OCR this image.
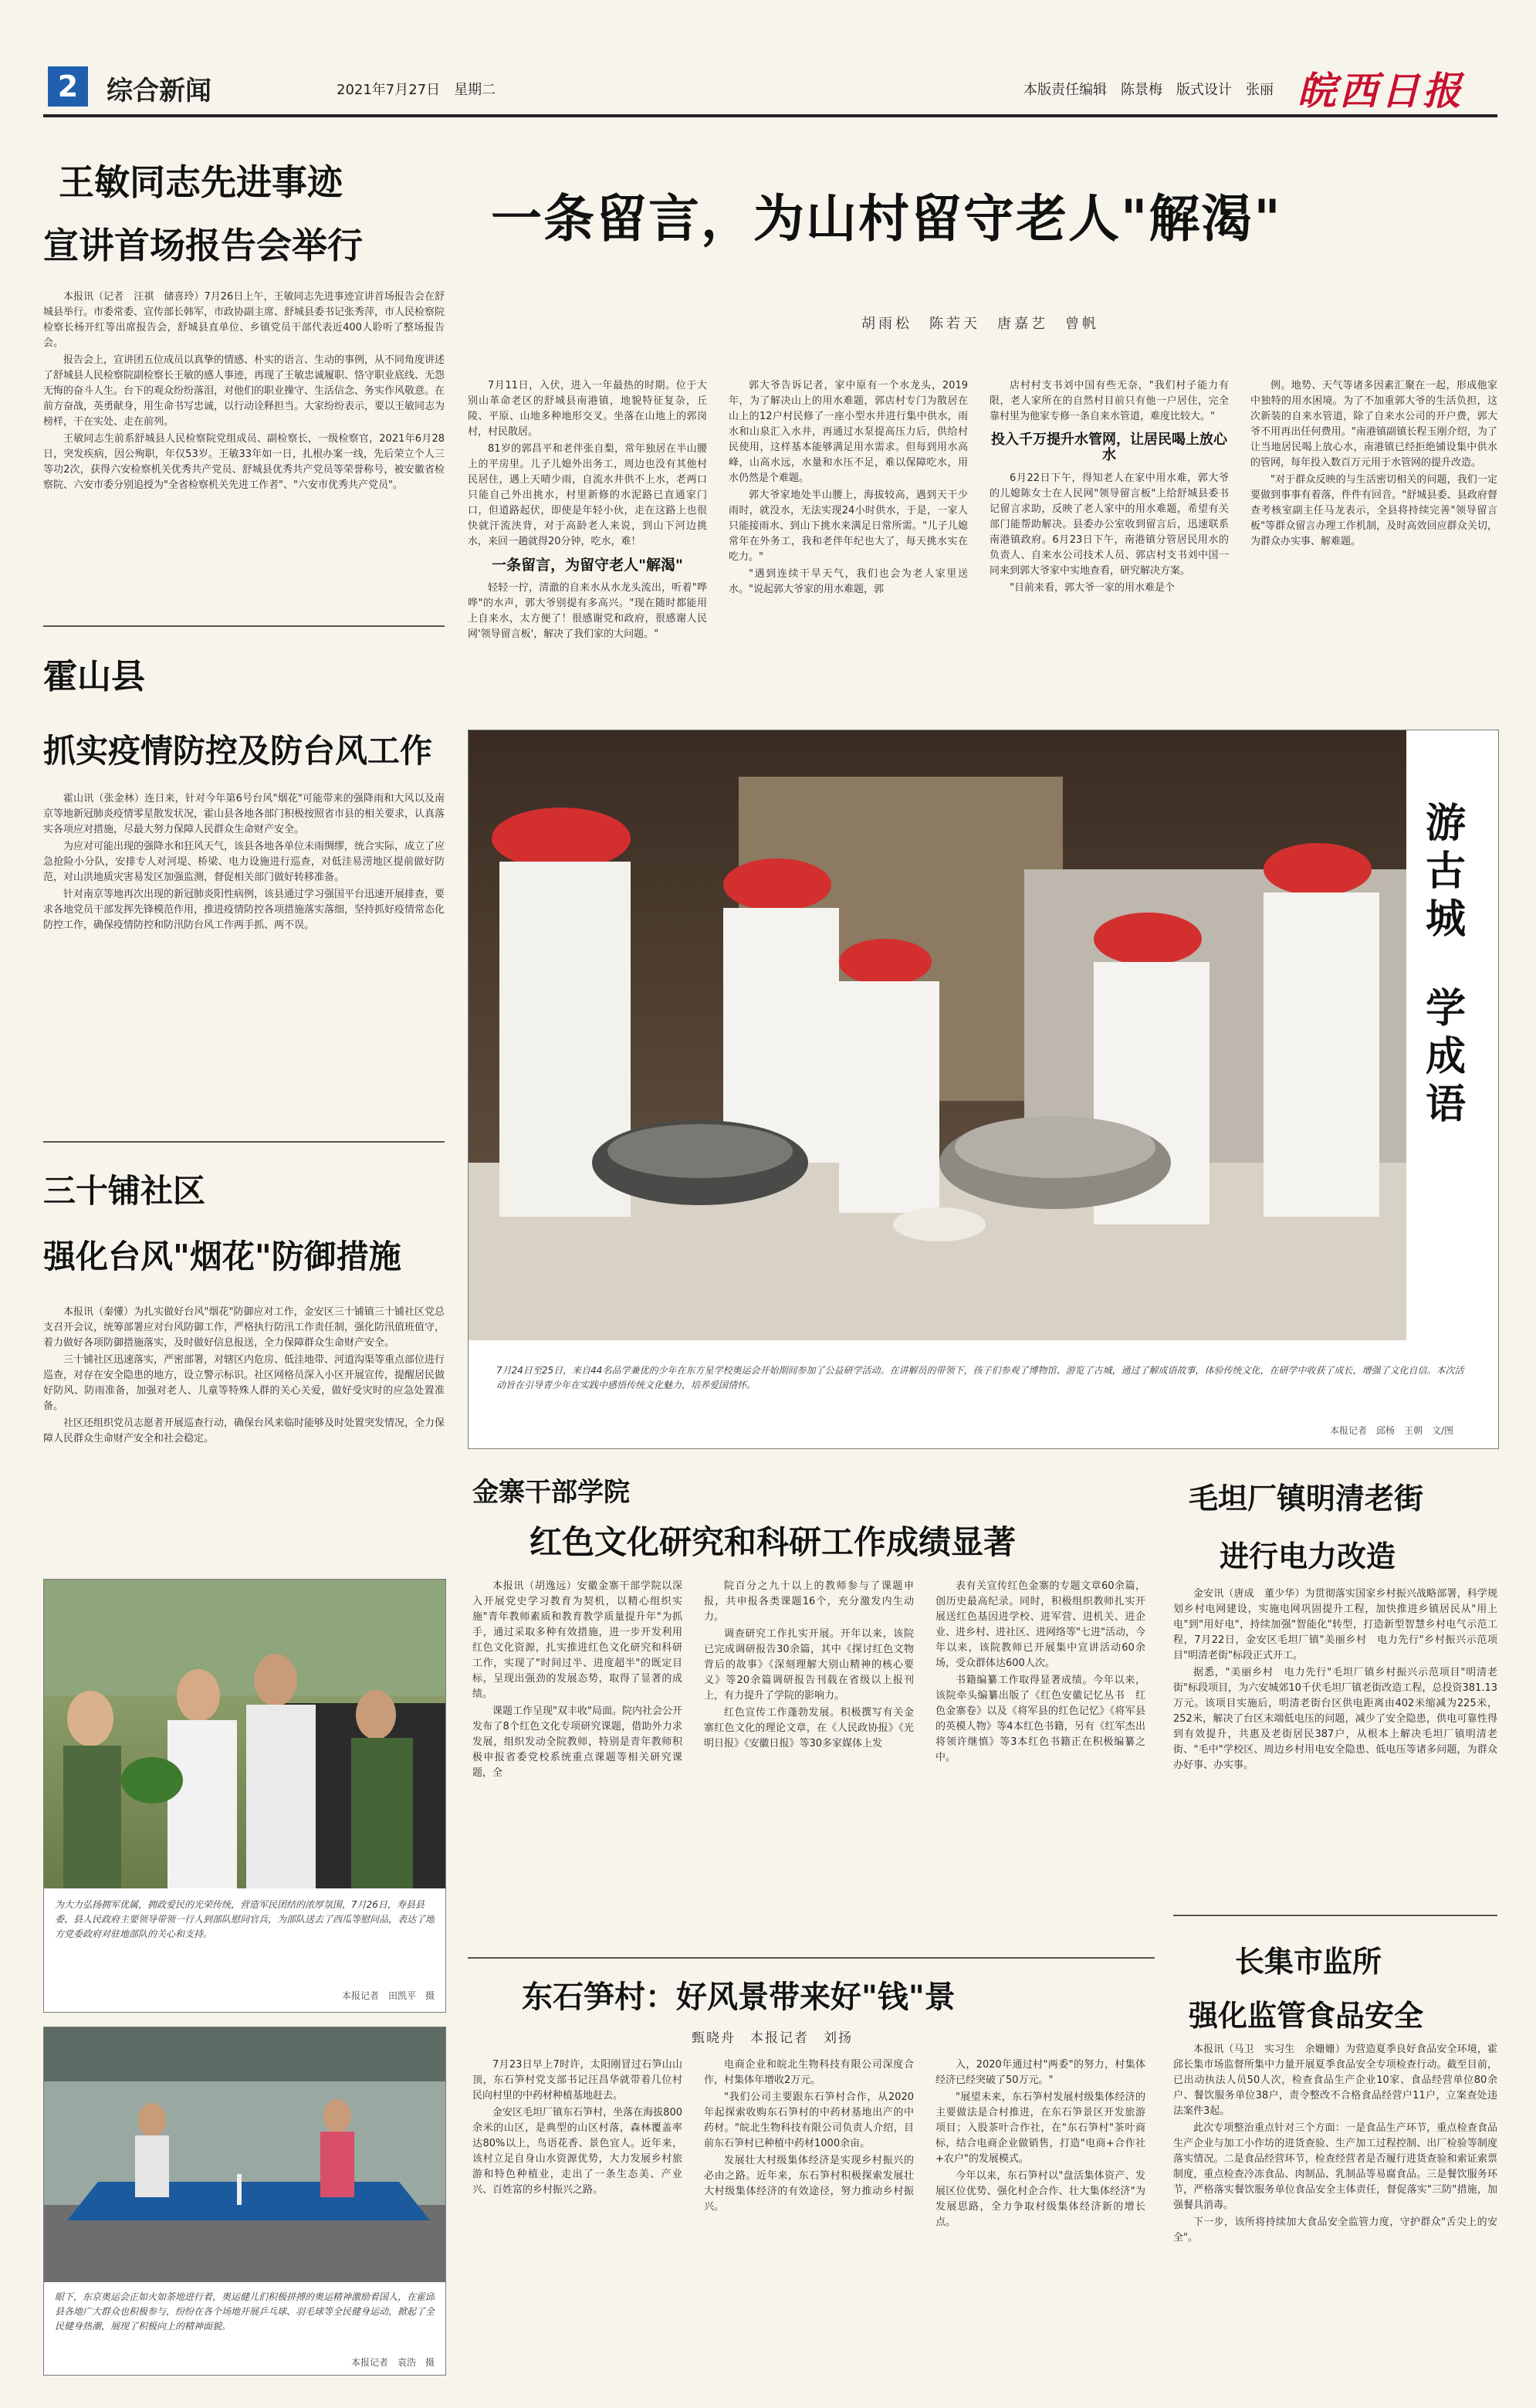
2	综合新闻	2021年7月27日　星期二	本版责任编辑　陈景梅　版式设计　张丽 皖西日报
王敏同志先进事迹
宣讲首场报告会举行

本报讯（记者　汪祺　储喜玲）7月26日上午，王敏同志先进事迹宣讲首场报告会在舒城县举行。市委常委、宣传部长韩军，市政协副主席、舒城县委书记张秀萍，市人民检察院检察长杨开红等出席报告会，舒城县直单位、乡镇党员干部代表近400人聆听了整场报告会。

报告会上，宣讲团五位成员以真挚的情感、朴实的语言、生动的事例，从不同角度讲述了舒城县人民检察院副检察长王敏的感人事迹，再现了王敏忠诚履职、恪守职业底线、无怨无悔的奋斗人生。台下的观众纷纷落泪，对他们的职业操守、生活信念、务实作风敬意。在前方奋战，英勇献身，用生命书写忠诚，以行动诠释担当。大家纷纷表示，要以王敏同志为榜样，干在实处、走在前列。

王敏同志生前系舒城县人民检察院党组成员、副检察长，一级检察官，2021年6月28日，突发疾病，因公殉职，年仅53岁。王敏33年如一日，扎根办案一线，先后荣立个人三等功2次，获得六安检察机关优秀共产党员、舒城县优秀共产党员等荣誉称号，被安徽省检察院、六安市委分别追授为"全省检察机关先进工作者"、"六安市优秀共产党员"。

霍山县
抓实疫情防控及防台风工作

霍山讯（张金林）连日来，针对今年第6号台风"烟花"可能带来的强降雨和大风以及南京等地新冠肺炎疫情零星散发状况，霍山县各地各部门积极按照省市县的相关要求，认真落实各项应对措施，尽最大努力保障人民群众生命财产安全。

为应对可能出现的强降水和狂风天气，该县各地各单位未雨绸缪，统合实际，成立了应急抢险小分队，安排专人对河堤、桥梁、电力设施进行巡查，对低洼易涝地区提前做好防范，对山洪地质灾害易发区加强监测，督促相关部门做好转移准备。

针对南京等地再次出现的新冠肺炎阳性病例，该县通过学习强国平台迅速开展排查，要求各地党员干部发挥先锋模范作用，推进疫情防控各项措施落实落细，坚持抓好疫情常态化防控工作，确保疫情防控和防汛防台风工作两手抓、两不误。

三十铺社区
强化台风"烟花"防御措施

本报讯（秦懂）为扎实做好台风"烟花"防御应对工作，金安区三十铺镇三十铺社区党总支召开会议，统筹部署应对台风防御工作，严格执行防汛工作责任制，强化防汛值班值守，着力做好各项防御措施落实，及时做好信息报送，全力保障群众生命财产安全。

三十铺社区迅速落实，严密部署，对辖区内危房、低洼地带、河道沟渠等重点部位进行巡查，对存在安全隐患的地方，设立警示标识。社区网格员深入小区开展宣传，提醒居民做好防风、防雨准备，加强对老人、儿童等特殊人群的关心关爱，做好受灾时的应急处置准备。

社区还组织党员志愿者开展巡查行动，确保台风来临时能够及时处置突发情况，全力保障人民群众生命财产安全和社会稳定。

为大力弘扬拥军优属，拥政爱民的光荣传统，营造军民团结的浓厚氛围，7月26日，寿县县委、县人民政府主要领导带领一行人到部队慰问官兵，为部队送去了西瓜等慰问品，表达了地方党委政府对驻地部队的关心和支持。
本报记者　田凯平　摄
眼下，东京奥运会正如火如荼地进行着，奥运健儿们积极拼搏的奥运精神激励着国人，在霍邱县各地广大群众也积极参与，纷纷在各个场地开展乒乓球、羽毛球等全民健身运动，掀起了全民健身热潮，展现了积极向上的精神面貌。
本报记者　袁浩　摄
一条留言，为山村留守老人"解渴"
胡雨松　陈若天　唐嘉艺　曾帆

7月11日，入伏，进入一年最热的时期。位于大别山革命老区的舒城县南港镇，地貌特征复杂，丘陵、平原、山地多种地形交叉。坐落在山地上的郭岗村，村民散居。

81岁的郭昌平和老伴张自梨，常年独居在半山腰上的平房里。儿子儿媳外出务工，周边也没有其他村民居住，遇上天晴少雨，自流水井供不上水，老两口只能自己外出挑水，村里新修的水泥路已直通家门口，但道路起伏，即使是年轻小伙，走在这路上也很快就汗流浃背，对于高龄老人来说，到山下河边挑水，来回一趟就得20分钟，吃水，难！

一条留言，为留守老人"解渴"

轻轻一拧，清澈的自来水从水龙头流出，听着"哗哗"的水声，郭大爷别提有多高兴。"现在随时都能用上自来水，太方便了！很感谢党和政府，很感谢人民网'领导留言板'，解决了我们家的大问题。"

郭大爷告诉记者，家中原有一个水龙头，2019年，为了解决山上的用水难题，郭店村专门为散居在山上的12户村民修了一座小型水井进行集中供水，雨水和山泉汇入水井，再通过水泵提高压力后，供给村民使用，这样基本能够满足用水需求。但每到用水高峰，山高水远，水量和水压不足，难以保障吃水，用水仍然是个难题。

郭大爷家地处半山腰上，海拔较高，遇到天干少雨时，就没水，无法实现24小时供水，于是，一家人只能接雨水、到山下挑水来满足日常所需。"儿子儿媳常年在外务工，我和老伴年纪也大了，每天挑水实在吃力。"

"遇到连续干旱天气，我们也会为老人家里送水。"说起郭大爷家的用水难题，郭

店村村支书刘中国有些无奈，"我们村子能力有限，老人家所在的自然村目前只有他一户居住，完全靠村里为他家专修一条自来水管道，难度比较大。"

投入千万提升水管网，让居民喝上放心水

6月22日下午，得知老人在家中用水难，郭大爷的儿媳陈女士在人民网"领导留言板"上给舒城县委书记留言求助，反映了老人家中的用水难题，希望有关部门能帮助解决。县委办公室收到留言后，迅速联系南港镇政府。6月23日下午，南港镇分管居民用水的负责人、自来水公司技术人员、郭店村支书刘中国一同来到郭大爷家中实地查看，研究解决方案。

"目前来看，郭大爷一家的用水难是个

例。地势、天气等诸多因素汇聚在一起，形成他家中独特的用水困境。为了不加重郭大爷的生活负担，这次新装的自来水管道，除了自来水公司的开户费，郭大爷不用再出任何费用。"南港镇副镇长程玉刚介绍，为了让当地居民喝上放心水，南港镇已经拒绝铺设集中供水的管网，每年投入数百万元用于水管网的提升改造。

"对于群众反映的与生活密切相关的问题，我们一定要做到事事有着落，件件有回音。"舒城县委、县政府督查考核室副主任马龙表示，全县将持续完善"领导留言板"等群众留言办理工作机制，及时高效回应群众关切，为群众办实事、解难题。

游古城
学成语
7月24日至25日，来自44名品学兼优的少年在东方星学校奥运会开始期间参加了公益研学活动。在讲解员的带领下，孩子们参观了博物馆、游览了古城，通过了解成语故事，体验传统文化，在研学中收获了成长，增强了文化自信。本次活动旨在引导青少年在实践中感悟传统文化魅力，培养爱国情怀。
本报记者　邱杨　王朝　文/图
金寨干部学院
红色文化研究和科研工作成绩显著

本报讯（胡逸远）安徽金寨干部学院以深入开展党史学习教育为契机，以精心组织实施"青年教师素质和教育教学质量提升年"为抓手，通过采取多种有效措施，进一步开发利用红色文化资源，扎实推进红色文化研究和科研工作，实现了"时间过半、进度超半"的既定目标，呈现出强劲的发展态势，取得了显著的成绩。

课题工作呈现"双丰收"局面。院内社会公开发布了8个红色文化专项研究课题，借助外力求发展，组织发动全院教师，特别是青年教师积极申报省委党校系统重点课题等相关研究课题，全

院百分之九十以上的教师参与了课题申报，共申报各类课题16个，充分激发内生动力。

调查研究工作扎实开展。开年以来，该院已完成调研报告30余篇，其中《探讨红色文物背后的故事》《深刻理解大别山精神的核心要义》等20余篇调研报告刊载在省级以上报刊上，有力提升了学院的影响力。

红色宣传工作蓬勃发展。积极撰写有关金寨红色文化的理论文章，在《人民政协报》《光明日报》《安徽日报》等30多家媒体上发

表有关宣传红色金寨的专题文章60余篇，创历史最高纪录。同时，积极组织教师扎实开展送红色基因进学校、进军营、进机关、进企业、进乡村、进社区、进网络等"七进"活动，今年以来，该院教师已开展集中宣讲活动60余场，受众群体达600人次。

书籍编纂工作取得显著成绩。今年以来，该院牵头编纂出版了《红色安徽记忆丛书　红色金寨卷》以及《将军县的红色记忆》《将军县的英模人物》等4本红色书籍，另有《红军杰出将领许继慎》等3本红色书籍正在积极编纂之中。

毛坦厂镇明清老街
进行电力改造

金安讯（唐成　董少华）为贯彻落实国家乡村振兴战略部署，科学规划乡村电网建设，实施电网巩固提升工程，加快推进乡镇居民从"用上电"到"用好电"，持续加强"智能化"转型，打造新型智慧乡村电气示范工程，7月22日，金安区毛坦厂镇"美丽乡村　电力先行"乡村振兴示范项目"明清老街"标段正式开工。

据悉，"美丽乡村　电力先行"毛坦厂镇乡村振兴示范项目"明清老街"标段项目，为六安城郊10千伏毛坦厂镇老街改造工程，总投资381.13万元。该项目实施后，明清老街台区供电距离由402米缩减为225米，252米，解决了台区末端低电压的问题，减少了安全隐患，供电可靠性得到有效提升，共惠及老街居民387户，从根本上解决毛坦厂镇明清老街、"毛中"学校区、周边乡村用电安全隐患、低电压等诸多问题，为群众办好事、办实事。

东石笋村：好风景带来好"钱"景
甄晓舟　本报记者　刘扬

7月23日早上7时许，太阳刚冒过石笋山山顶，东石笋村党支部书记汪昌华就带着几位村民向村里的中药材种植基地赶去。

金安区毛坦厂镇东石笋村，坐落在海拔800余米的山区，是典型的山区村落，森林覆盖率达80%以上，鸟语花香、景色宜人。近年来，该村立足自身山水资源优势，大力发展乡村旅游和特色种植业，走出了一条生态美、产业兴、百姓富的乡村振兴之路。

电商企业和皖北生物科技有限公司深度合作，村集体年增收2万元。

"我们公司主要跟东石笋村合作，从2020年起探索收购东石笋村的中药材基地出产的中药材。"皖北生物科技有限公司负责人介绍，目前东石笋村已种植中药材1000余亩。

发展壮大村级集体经济是实现乡村振兴的必由之路。近年来，东石笋村积极探索发展壮大村级集体经济的有效途径，努力推动乡村振兴。

入，2020年通过村"两委"的努力，村集体经济已经突破了50万元。"

"展望未来，东石笋村发展村级集体经济的主要做法是合村推进，在东石笋景区开发旅游项目；入股茶叶合作社，在"东石笋村"茶叶商标，结合电商企业做销售，打造"电商+合作社+农户"的发展模式。

今年以来，东石笋村以"盘活集体资产、发展区位优势、强化村企合作、壮大集体经济"为发展思路，全力争取村级集体经济新的增长点。

长集市监所
强化监管食品安全

本报讯（马卫　实习生　余姗姗）为营造夏季良好食品安全环境，霍邱长集市场监督所集中力量开展夏季食品安全专项检查行动。截至目前，已出动执法人员50人次，检查食品生产企业10家、食品经营单位80余户、餐饮服务单位38户，责令整改不合格食品经营户11户，立案查处违法案件3起。

此次专项整治重点针对三个方面：一是食品生产环节，重点检查食品生产企业与加工小作坊的进货查验、生产加工过程控制、出厂检验等制度落实情况。二是食品经营环节，检查经营者是否履行进货查验和索证索票制度，重点检查冷冻食品、肉制品、乳制品等易腐食品。三是餐饮服务环节，严格落实餐饮服务单位食品安全主体责任，督促落实"三防"措施，加强餐具消毒。

下一步，该所将持续加大食品安全监管力度，守护群众"舌尖上的安全"。
